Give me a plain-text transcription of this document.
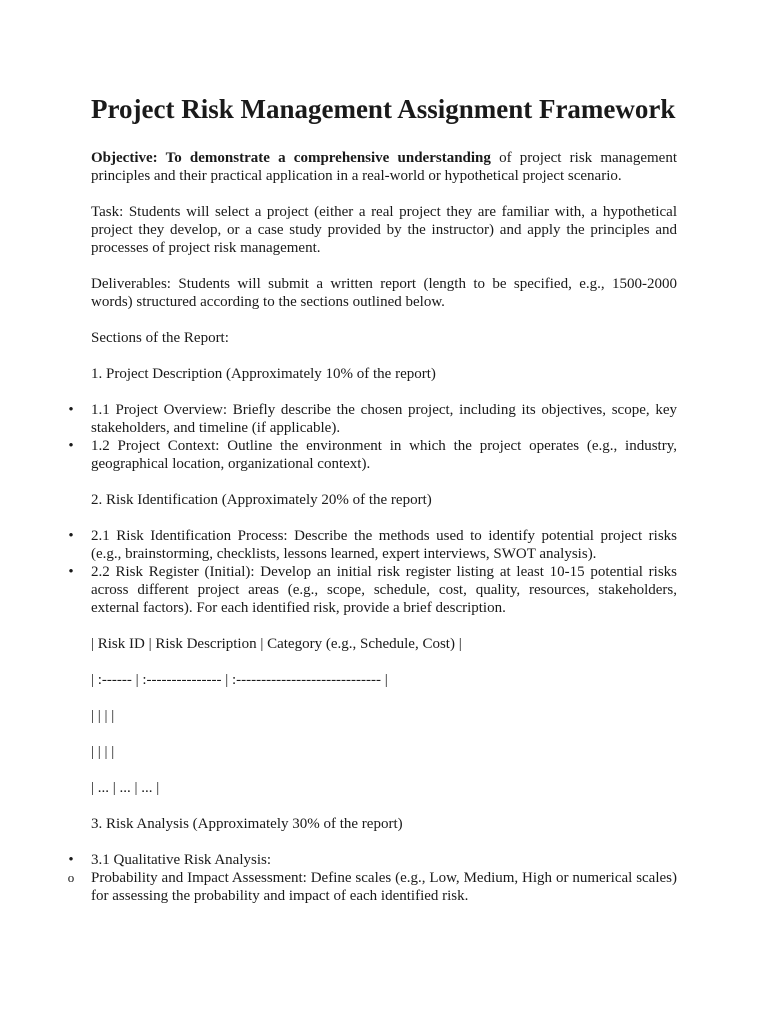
Project Risk Management Assignment Framework

Objective: To demonstrate a comprehensive understanding of project risk management principles and their practical application in a real-world or hypothetical project scenario.

Task: Students will select a project (either a real project they are familiar with, a hypothetical project they develop, or a case study provided by the instructor) and apply the principles and processes of project risk management.

Deliverables: Students will submit a written report (length to be specified, e.g., 1500-2000 words) structured according to the sections outlined below.

Sections of the Report:

1. Project Description (Approximately 10% of the report)

• 1.1 Project Overview: Briefly describe the chosen project, including its objectives, scope, key stakeholders, and timeline (if applicable).
• 1.2 Project Context: Outline the environment in which the project operates (e.g., industry, geographical location, organizational context).

2. Risk Identification (Approximately 20% of the report)

• 2.1 Risk Identification Process: Describe the methods used to identify potential project risks (e.g., brainstorming, checklists, lessons learned, expert interviews, SWOT analysis).
• 2.2 Risk Register (Initial): Develop an initial risk register listing at least 10-15 potential risks across different project areas (e.g., scope, schedule, cost, quality, resources, stakeholders, external factors). For each identified risk, provide a brief description.

| Risk ID | Risk Description | Category (e.g., Schedule, Cost) |

| :------ | :--------------- | :----------------------------- |

| | | |

| | | |

| ... | ... | ... |

3. Risk Analysis (Approximately 30% of the report)

• 3.1 Qualitative Risk Analysis:
o Probability and Impact Assessment: Define scales (e.g., Low, Medium, High or numerical scales) for assessing the probability and impact of each identified risk.
